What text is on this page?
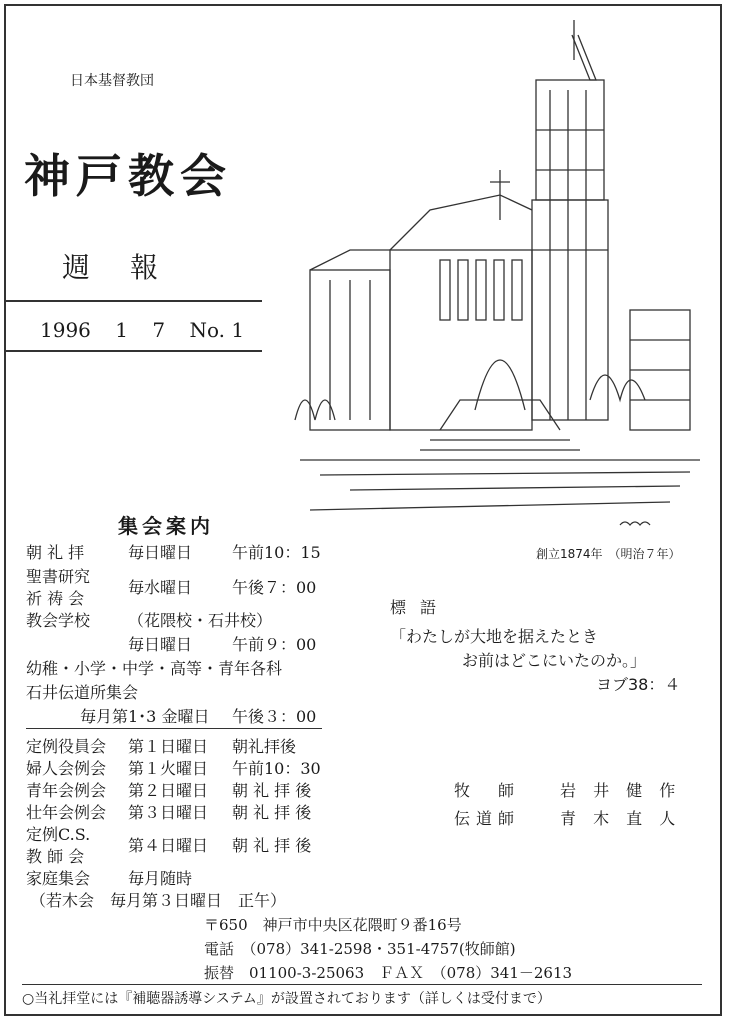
日本基督教団
神戸教会
週報
1996 1 7 No. 1
創立1874年　（明治７年）
集会案内
朝 礼 拝	毎日曜日 午前10：15
聖書研究
祈 祷 会
毎水曜日 午後７：00
教会学校 （花隈校・石井校）
毎日曜日 午前９：00
幼稚・小学・中学・高等・青年各科
石井伝道所集会
毎月第1･3 金曜日 午後３：00
定例役員会 第１日曜日 朝礼拝後
婦人会例会 第１火曜日 午前10：30
青年会例会 第２日曜日 朝 礼 拝 後
壮年会例会 第３日曜日 朝 礼 拝 後
定例C.S.
教 師 会
第４日曜日 朝 礼 拝 後
家庭集会 毎月随時
（若木会　毎月第３日曜日　正午）
標語
「わたしが大地を据えたとき
お前はどこにいたのか。」
ヨブ38：４
牧　師 岩 井 健 作
伝道師 青 木 直 人
〒650　神戸市中央区花隈町９番16号
電話　（078）341-2598・351-4757(牧師館)
振替　01100-3-25063　ＦＡＸ　（078）341－2613
○当礼拝堂には『補聴器誘導システム』が設置されております（詳しくは受付まで）
